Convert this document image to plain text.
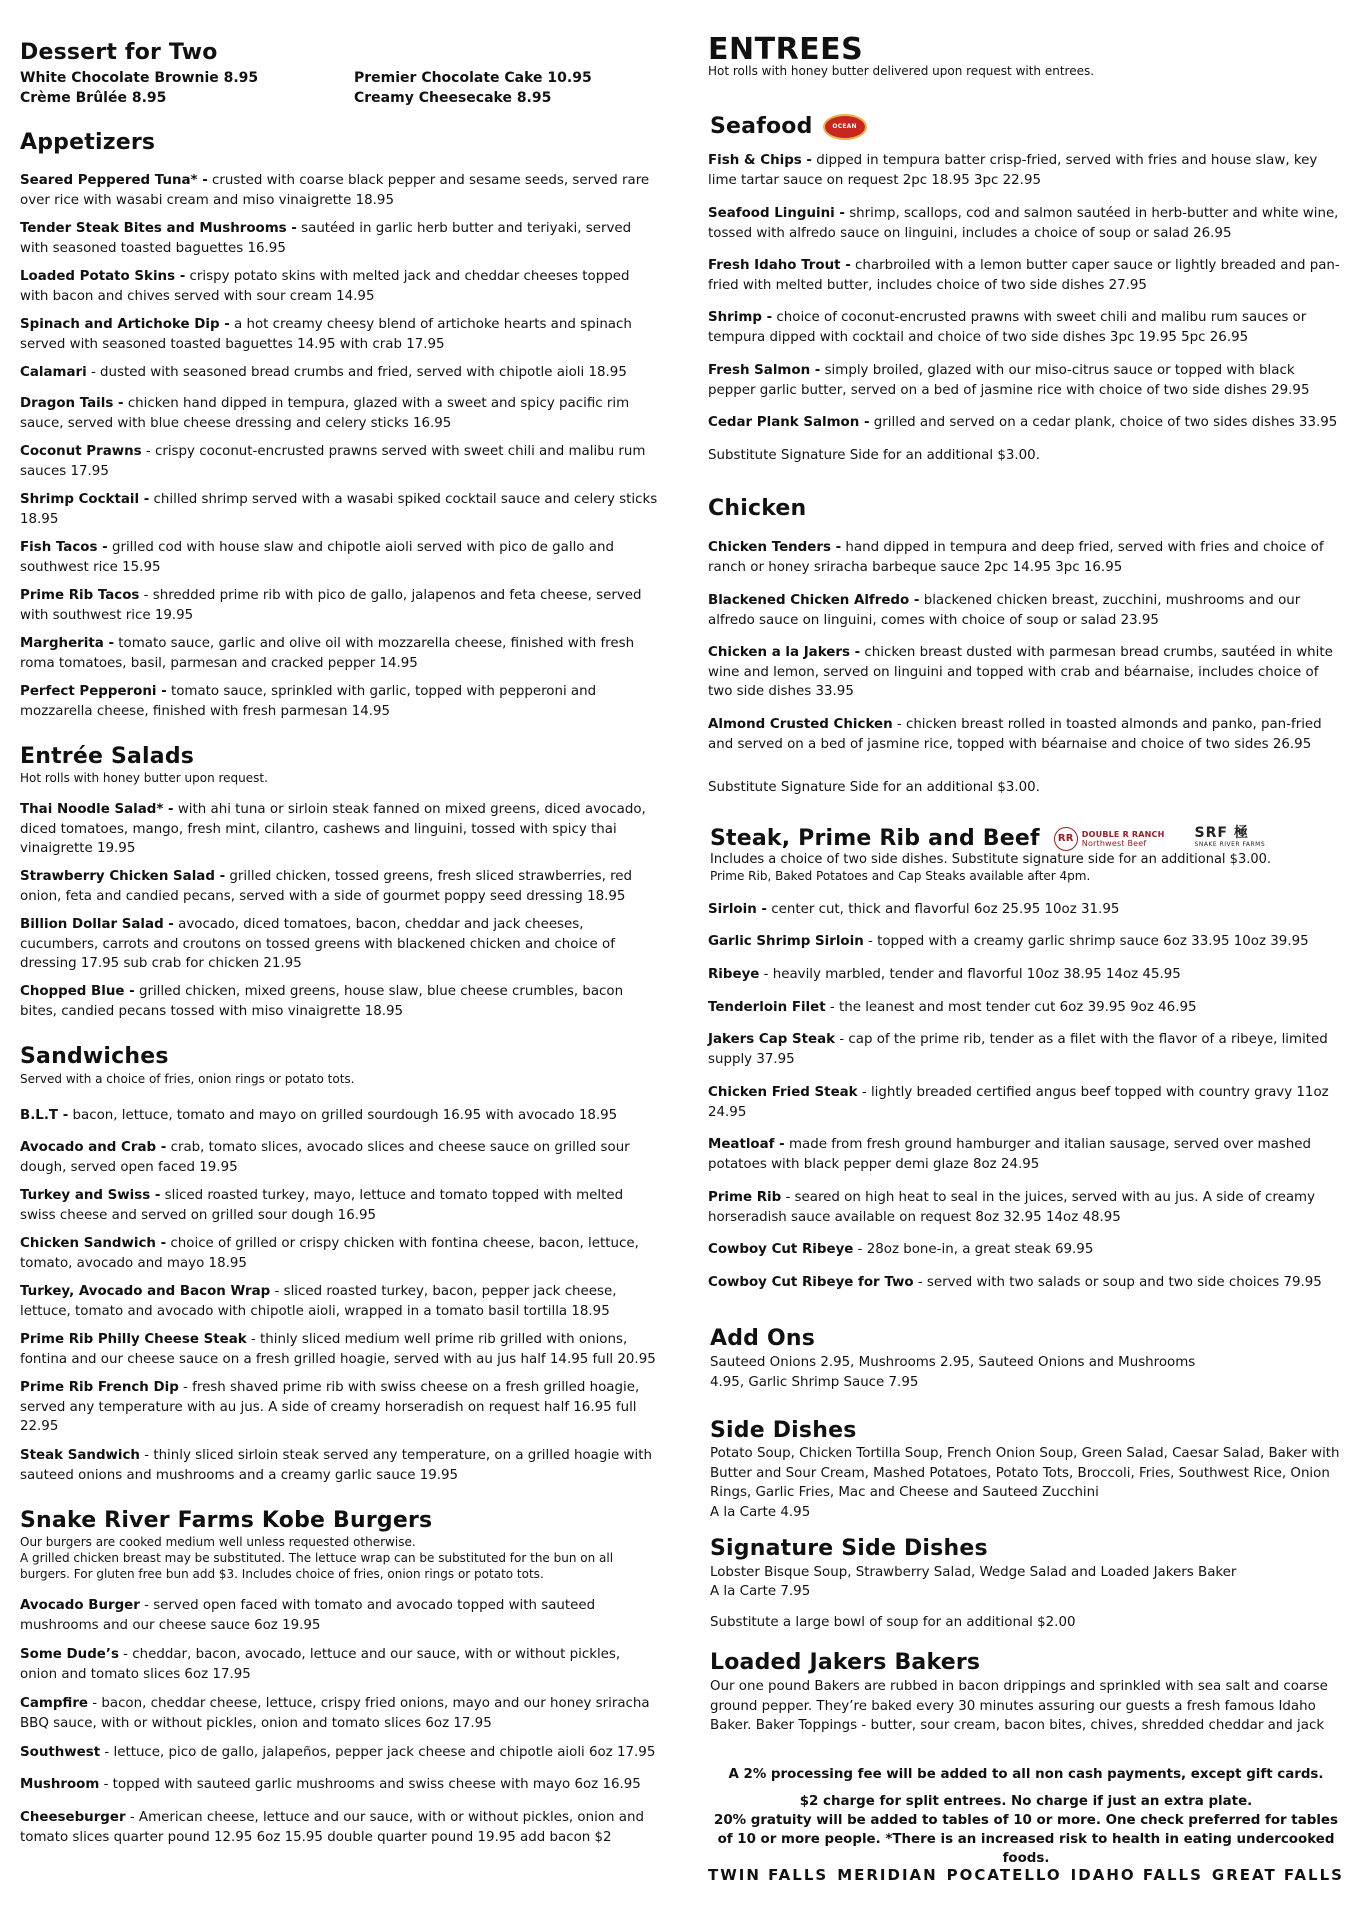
Dessert for Two
White Chocolate Brownie 8.95	Premier Chocolate Cake 10.95
Crème Brûlée 8.95	Creamy Cheesecake 8.95
Appetizers

Seared Peppered Tuna* - crusted with coarse black pepper and sesame seeds, served rare over rice with wasabi cream and miso vinaigrette 18.95

Tender Steak Bites and Mushrooms - sautéed in garlic herb butter and teriyaki, served with seasoned toasted baguettes 16.95

Loaded Potato Skins - crispy potato skins with melted jack and cheddar cheeses topped with bacon and chives served with sour cream 14.95

Spinach and Artichoke Dip - a hot creamy cheesy blend of artichoke hearts and spinach served with seasoned toasted baguettes 14.95 with crab 17.95

Calamari - dusted with seasoned bread crumbs and fried, served with chipotle aioli 18.95

Dragon Tails - chicken hand dipped in tempura, glazed with a sweet and spicy pacific rim sauce, served with blue cheese dressing and celery sticks 16.95

Coconut Prawns - crispy coconut-encrusted prawns served with sweet chili and malibu rum sauces 17.95

Shrimp Cocktail - chilled shrimp served with a wasabi spiked cocktail sauce and celery sticks 18.95

Fish Tacos - grilled cod with house slaw and chipotle aioli served with pico de gallo and southwest rice 15.95

Prime Rib Tacos - shredded prime rib with pico de gallo, jalapenos and feta cheese, served with southwest rice 19.95

Margherita - tomato sauce, garlic and olive oil with mozzarella cheese, finished with fresh roma tomatoes, basil, parmesan and cracked pepper 14.95

Perfect Pepperoni - tomato sauce, sprinkled with garlic, topped with pepperoni and mozzarella cheese, finished with fresh parmesan 14.95

Entrée Salads

Hot rolls with honey butter upon request.

Thai Noodle Salad* - with ahi tuna or sirloin steak fanned on mixed greens, diced avocado, diced tomatoes, mango, fresh mint, cilantro, cashews and linguini, tossed with spicy thai vinaigrette 19.95

Strawberry Chicken Salad - grilled chicken, tossed greens, fresh sliced strawberries, red onion, feta and candied pecans, served with a side of gourmet poppy seed dressing 18.95

Billion Dollar Salad - avocado, diced tomatoes, bacon, cheddar and jack cheeses, cucumbers, carrots and croutons on tossed greens with blackened chicken and choice of dressing 17.95 sub crab for chicken 21.95

Chopped Blue - grilled chicken, mixed greens, house slaw, blue cheese crumbles, bacon bites, candied pecans tossed with miso vinaigrette 18.95

Sandwiches

Served with a choice of fries, onion rings or potato tots.

B.L.T - bacon, lettuce, tomato and mayo on grilled sourdough 16.95 with avocado 18.95

Avocado and Crab - crab, tomato slices, avocado slices and cheese sauce on grilled sour dough, served open faced 19.95

Turkey and Swiss - sliced roasted turkey, mayo, lettuce and tomato topped with melted swiss cheese and served on grilled sour dough 16.95

Chicken Sandwich - choice of grilled or crispy chicken with fontina cheese, bacon, lettuce, tomato, avocado and mayo 18.95

Turkey, Avocado and Bacon Wrap - sliced roasted turkey, bacon, pepper jack cheese, lettuce, tomato and avocado with chipotle aioli, wrapped in a tomato basil tortilla 18.95

Prime Rib Philly Cheese Steak - thinly sliced medium well prime rib grilled with onions, fontina and our cheese sauce on a fresh grilled hoagie, served with au jus half 14.95 full 20.95

Prime Rib French Dip - fresh shaved prime rib with swiss cheese on a fresh grilled hoagie, served any temperature with au jus. A side of creamy horseradish on request half 16.95 full 22.95

Steak Sandwich - thinly sliced sirloin steak served any temperature, on a grilled hoagie with sauteed onions and mushrooms and a creamy garlic sauce 19.95

Snake River Farms Kobe Burgers

Our burgers are cooked medium well unless requested otherwise.

A grilled chicken breast may be substituted. The lettuce wrap can be substituted for the bun on all burgers. For gluten free bun add $3. Includes choice of fries, onion rings or potato tots.

Avocado Burger - served open faced with tomato and avocado topped with sauteed mushrooms and our cheese sauce 6oz 19.95

Some Dude’s - cheddar, bacon, avocado, lettuce and our sauce, with or without pickles, onion and tomato slices 6oz 17.95

Campfire - bacon, cheddar cheese, lettuce, crispy fried onions, mayo and our honey sriracha BBQ sauce, with or without pickles, onion and tomato slices 6oz 17.95

Southwest - lettuce, pico de gallo, jalapeños, pepper jack cheese and chipotle aioli 6oz 17.95

Mushroom - topped with sauteed garlic mushrooms and swiss cheese with mayo 6oz 16.95

Cheeseburger - American cheese, lettuce and our sauce, with or without pickles, onion and tomato slices quarter pound 12.95 6oz 15.95 double quarter pound 19.95 add bacon $2

ENTREES
Hot rolls with honey butter delivered upon request with entrees.
Seafood	OCEAN BEAUTY

Fish & Chips - dipped in tempura batter crisp-fried, served with fries and house slaw, key lime tartar sauce on request 2pc 18.95 3pc 22.95

Seafood Linguini - shrimp, scallops, cod and salmon sautéed in herb-butter and white wine, tossed with alfredo sauce on linguini, includes a choice of soup or salad 26.95

Fresh Idaho Trout - charbroiled with a lemon butter caper sauce or lightly breaded and pan-fried with melted butter, includes choice of two side dishes 27.95

Shrimp - choice of coconut-encrusted prawns with sweet chili and malibu rum sauces or tempura dipped with cocktail and choice of two side dishes 3pc 19.95 5pc 26.95

Fresh Salmon - simply broiled, glazed with our miso-citrus sauce or topped with black pepper garlic butter, served on a bed of jasmine rice with choice of two side dishes 29.95

Cedar Plank Salmon - grilled and served on a cedar plank, choice of two sides dishes 33.95

Substitute Signature Side for an additional $3.00.

Chicken

Chicken Tenders - hand dipped in tempura and deep fried, served with fries and choice of ranch or honey sriracha barbeque sauce 2pc 14.95 3pc 16.95

Blackened Chicken Alfredo - blackened chicken breast, zucchini, mushrooms and our alfredo sauce on linguini, comes with choice of soup or salad 23.95

Chicken a la Jakers - chicken breast dusted with parmesan bread crumbs, sautéed in white wine and lemon, served on linguini and topped with crab and béarnaise, includes choice of two side dishes 33.95

Almond Crusted Chicken - chicken breast rolled in toasted almonds and panko, pan-fried and served on a bed of jasmine rice, topped with béarnaise and choice of two sides 26.95

Substitute Signature Side for an additional $3.00.

Steak, Prime Rib and Beef RR DOUBLE R RANCH
Northwest BeefSRF 極
SNAKE RIVER FARMS

Includes a choice of two side dishes. Substitute signature side for an additional $3.00.

Prime Rib, Baked Potatoes and Cap Steaks available after 4pm.

Sirloin - center cut, thick and flavorful 6oz 25.95 10oz 31.95

Garlic Shrimp Sirloin - topped with a creamy garlic shrimp sauce 6oz 33.95 10oz 39.95

Ribeye - heavily marbled, tender and flavorful 10oz 38.95 14oz 45.95

Tenderloin Filet - the leanest and most tender cut 6oz 39.95 9oz 46.95

Jakers Cap Steak - cap of the prime rib, tender as a filet with the flavor of a ribeye, limited supply 37.95

Chicken Fried Steak - lightly breaded certified angus beef topped with country gravy 11oz 24.95

Meatloaf - made from fresh ground hamburger and italian sausage, served over mashed potatoes with black pepper demi glaze 8oz 24.95

Prime Rib - seared on high heat to seal in the juices, served with au jus. A side of creamy horseradish sauce available on request 8oz 32.95 14oz 48.95

Cowboy Cut Ribeye - 28oz bone-in, a great steak 69.95

Cowboy Cut Ribeye for Two - served with two salads or soup and two side choices 79.95

Add Ons

Sauteed Onions 2.95, Mushrooms 2.95, Sauteed Onions and Mushrooms 4.95, Garlic Shrimp Sauce 7.95

Side Dishes

Potato Soup, Chicken Tortilla Soup, French Onion Soup, Green Salad, Caesar Salad, Baker with Butter and Sour Cream, Mashed Potatoes, Potato Tots, Broccoli, Fries, Southwest Rice, Onion Rings, Garlic Fries, Mac and Cheese and Sauteed Zucchini

A la Carte 4.95

Signature Side Dishes

Lobster Bisque Soup, Strawberry Salad, Wedge Salad and Loaded Jakers Baker

A la Carte 7.95

Substitute a large bowl of soup for an additional $2.00

Loaded Jakers Bakers

Our one pound Bakers are rubbed in bacon drippings and sprinkled with sea salt and coarse ground pepper. They’re baked every 30 minutes assuring our guests a fresh famous Idaho Baker. Baker Toppings - butter, sour cream, bacon bites, chives, shredded cheddar and jack

A 2% processing fee will be added to all non cash payments, except gift cards.
$2 charge for split entrees. No charge if just an extra plate.
20% gratuity will be added to tables of 10 or more. One check preferred for tables of 10 or more people. *There is an increased risk to health in eating undercooked foods.
TWIN FALLS MERIDIAN POCATELLO IDAHO FALLS GREAT FALLS
